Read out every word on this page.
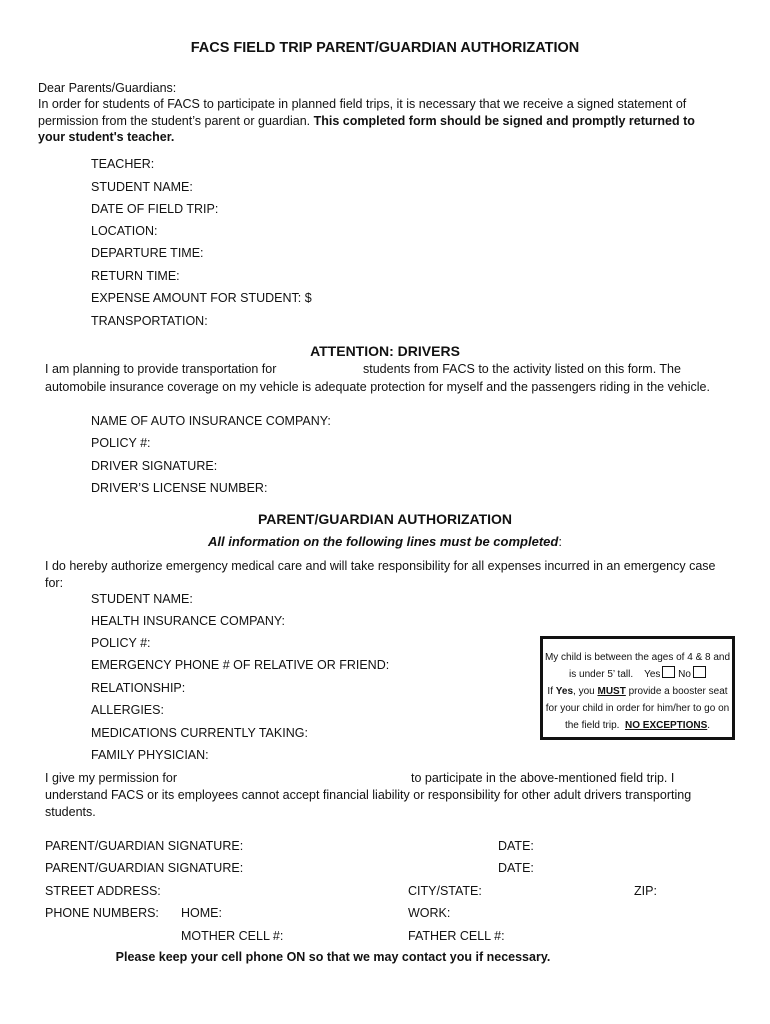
FACS FIELD TRIP PARENT/GUARDIAN AUTHORIZATION
Dear Parents/Guardians:
In order for students of FACS to participate in planned field trips, it is necessary that we receive a signed statement of permission from the student’s parent or guardian. This completed form should be signed and promptly returned to your student's teacher.
TEACHER:
STUDENT NAME:
DATE OF FIELD TRIP:
LOCATION:
DEPARTURE TIME:
RETURN TIME:
EXPENSE AMOUNT FOR STUDENT: $
TRANSPORTATION:
ATTENTION: DRIVERS
I am planning to provide transportation for	students from FACS to the activity listed on this form. The
automobile insurance coverage on my vehicle is adequate protection for myself and the passengers riding in the vehicle.
NAME OF AUTO INSURANCE COMPANY:
POLICY #:
DRIVER SIGNATURE:
DRIVER’S LICENSE NUMBER:
PARENT/GUARDIAN AUTHORIZATION
All information on the following lines must be completed:
I do hereby authorize emergency medical care and will take responsibility for all expenses incurred in an emergency case for:
STUDENT NAME:
HEALTH INSURANCE COMPANY:
POLICY #:
EMERGENCY PHONE # OF RELATIVE OR FRIEND:
RELATIONSHIP:
ALLERGIES:
MEDICATIONS CURRENTLY TAKING:
FAMILY PHYSICIAN:
My child is between the ages of 4 & 8 and
is under 5’ tall. Yes No
If Yes, you MUST provide a booster seat
for your child in order for him/her to go on
the field trip. NO EXCEPTIONS.
I give my permission for	to participate in the above-mentioned field trip. I
understand FACS or its employees cannot accept financial liability or responsibility for other adult drivers transporting
students.
PARENT/GUARDIAN SIGNATURE:	DATE:
PARENT/GUARDIAN SIGNATURE:	DATE:
STREET ADDRESS:	CITY/STATE:	ZIP:
PHONE NUMBERS: HOME:	WORK:
MOTHER CELL #:	FATHER CELL #:
Please keep your cell phone ON so that we may contact you if necessary.
